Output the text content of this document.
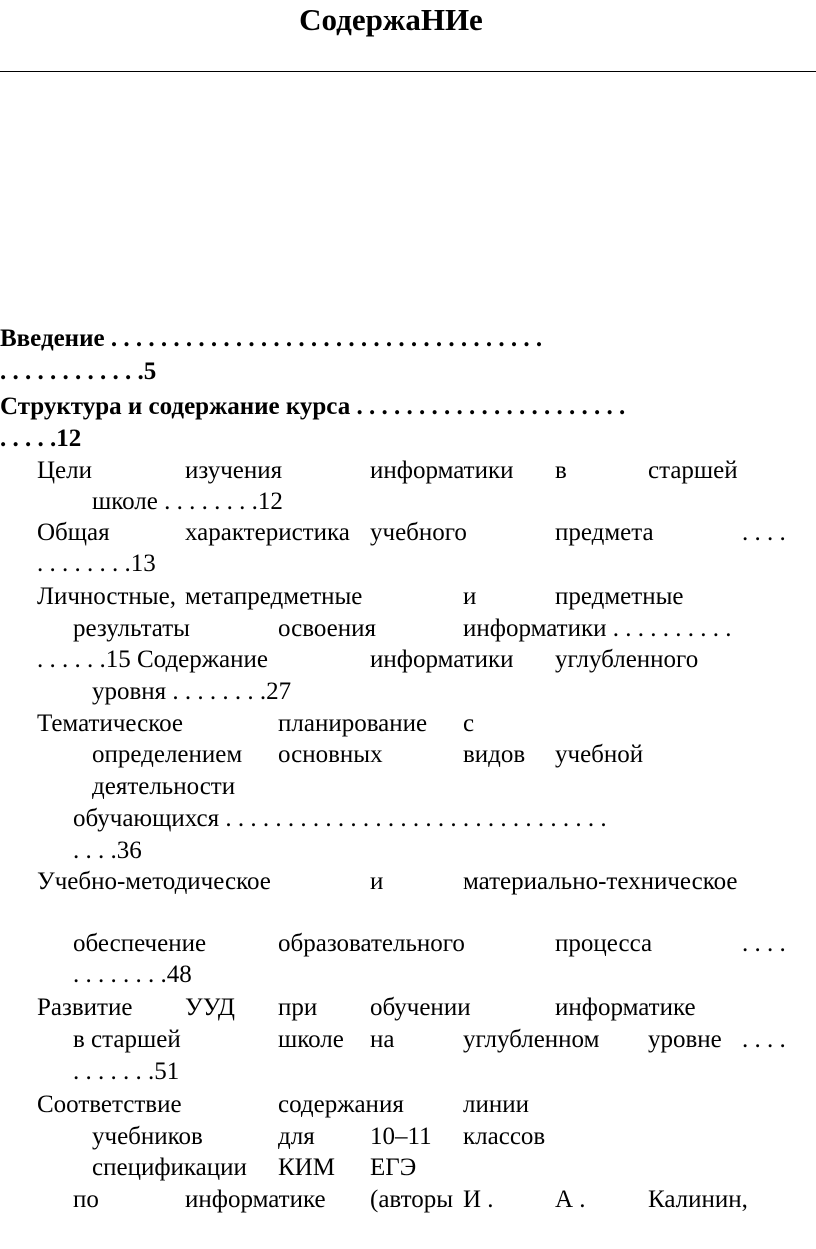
СодержаНИе
Введение . . . . . . . . . . . . . . . . . . . . . . . . . . . . . . . . . . .
. . . . . . . . . . . .5
Структура и содержание курса . . . . . . . . . . . . . . . . . . . . . .
. . . . .12
Цели	изучения	информатики в	старшей
школе . . . . . . . .12
Общая	характеристика учебного	предмета	. . . .
. . . . . . . .13
Личностные, метапредметные	и	предметные
результаты	освоения	информатики . . . . . . . . . .
. . . . . .15 Содержание	информатики углубленного
уровня . . . . . . . .27
Тематическое	планирование с
определением основных	видов учебной
деятельности
обучающихся . . . . . . . . . . . . . . . . . . . . . . . . . . . . . . .
. . . .36
Учебно-методическое	и	материально-техническое
обеспечение	образовательного	процесса	. . . .
. . . . . . . .48
Развитие УУД при обучении	информатике
в старшей	школе на	углубленном уровне . . . .
. . . . . . .51
Соответствие	содержания линии
учебников	для 10–11 классов
спецификации КИМ ЕГЭ
по	информатике (авторы И . А . Калинин,
